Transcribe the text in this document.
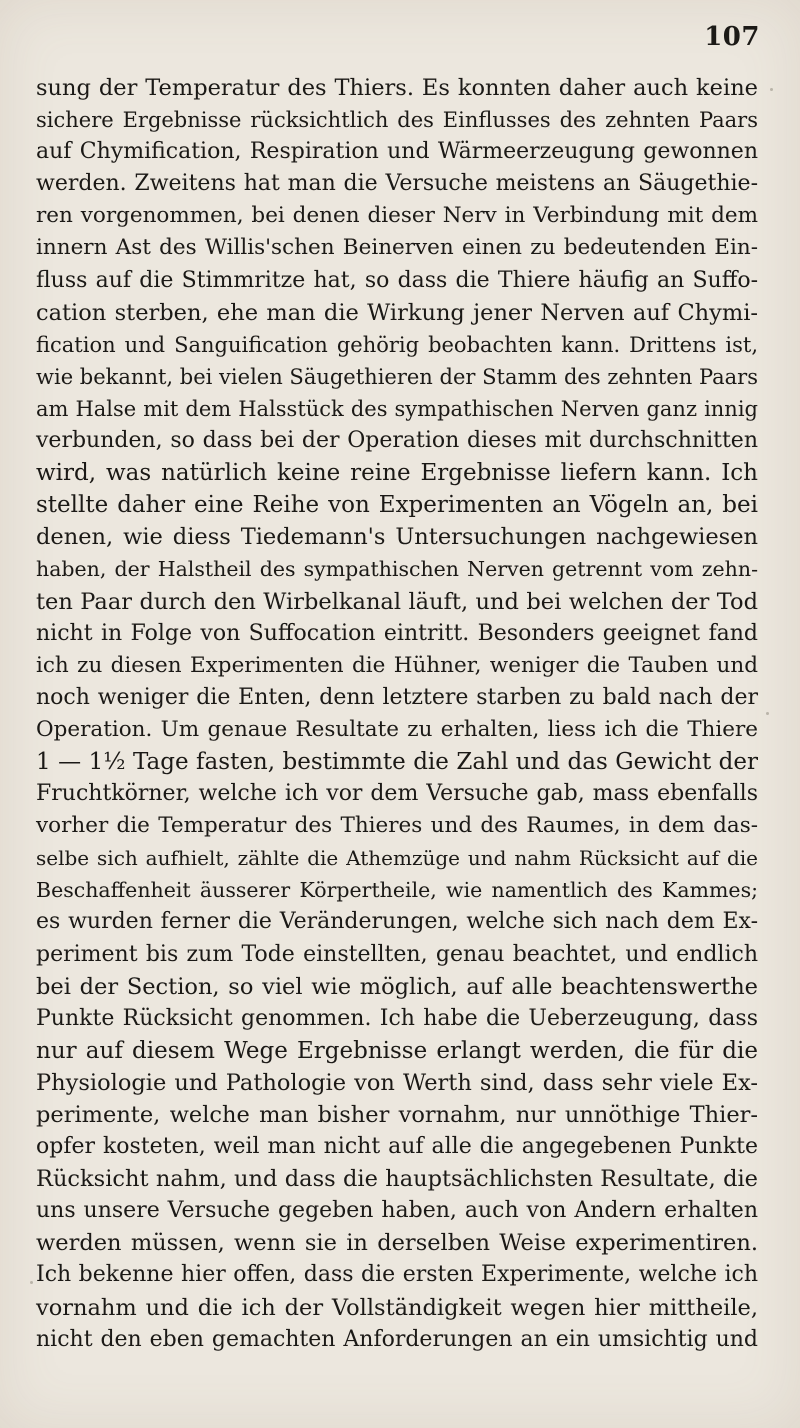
107
sung der Temperatur des Thiers. Es konnten daher auch keine
sichere Ergebnisse rücksichtlich des Einflusses des zehnten Paars
auf Chymification, Respiration und Wärmeerzeugung gewonnen
werden. Zweitens hat man die Versuche meistens an Säugethie-
ren vorgenommen, bei denen dieser Nerv in Verbindung mit dem
innern Ast des Willis'schen Beinerven einen zu bedeutenden Ein-
fluss auf die Stimmritze hat, so dass die Thiere häufig an Suffo-
cation sterben, ehe man die Wirkung jener Nerven auf Chymi-
fication und Sanguification gehörig beobachten kann. Drittens ist,
wie bekannt, bei vielen Säugethieren der Stamm des zehnten Paars
am Halse mit dem Halsstück des sympathischen Nerven ganz innig
verbunden, so dass bei der Operation dieses mit durchschnitten
wird, was natürlich keine reine Ergebnisse liefern kann. Ich
stellte daher eine Reihe von Experimenten an Vögeln an, bei
denen, wie diess Tiedemann's Untersuchungen nachgewiesen
haben, der Halstheil des sympathischen Nerven getrennt vom zehn-
ten Paar durch den Wirbelkanal läuft, und bei welchen der Tod
nicht in Folge von Suffocation eintritt. Besonders geeignet fand
ich zu diesen Experimenten die Hühner, weniger die Tauben und
noch weniger die Enten, denn letztere starben zu bald nach der
Operation. Um genaue Resultate zu erhalten, liess ich die Thiere
1 — 1½ Tage fasten, bestimmte die Zahl und das Gewicht der
Fruchtkörner, welche ich vor dem Versuche gab, mass ebenfalls
vorher die Temperatur des Thieres und des Raumes, in dem das-
selbe sich aufhielt, zählte die Athemzüge und nahm Rücksicht auf die
Beschaffenheit äusserer Körpertheile, wie namentlich des Kammes;
es wurden ferner die Veränderungen, welche sich nach dem Ex-
periment bis zum Tode einstellten, genau beachtet, und endlich
bei der Section, so viel wie möglich, auf alle beachtenswerthe
Punkte Rücksicht genommen. Ich habe die Ueberzeugung, dass
nur auf diesem Wege Ergebnisse erlangt werden, die für die
Physiologie und Pathologie von Werth sind, dass sehr viele Ex-
perimente, welche man bisher vornahm, nur unnöthige Thier-
opfer kosteten, weil man nicht auf alle die angegebenen Punkte
Rücksicht nahm, und dass die hauptsächlichsten Resultate, die
uns unsere Versuche gegeben haben, auch von Andern erhalten
werden müssen, wenn sie in derselben Weise experimentiren.
Ich bekenne hier offen, dass die ersten Experimente, welche ich
vornahm und die ich der Vollständigkeit wegen hier mittheile,
nicht den eben gemachten Anforderungen an ein umsichtig und
